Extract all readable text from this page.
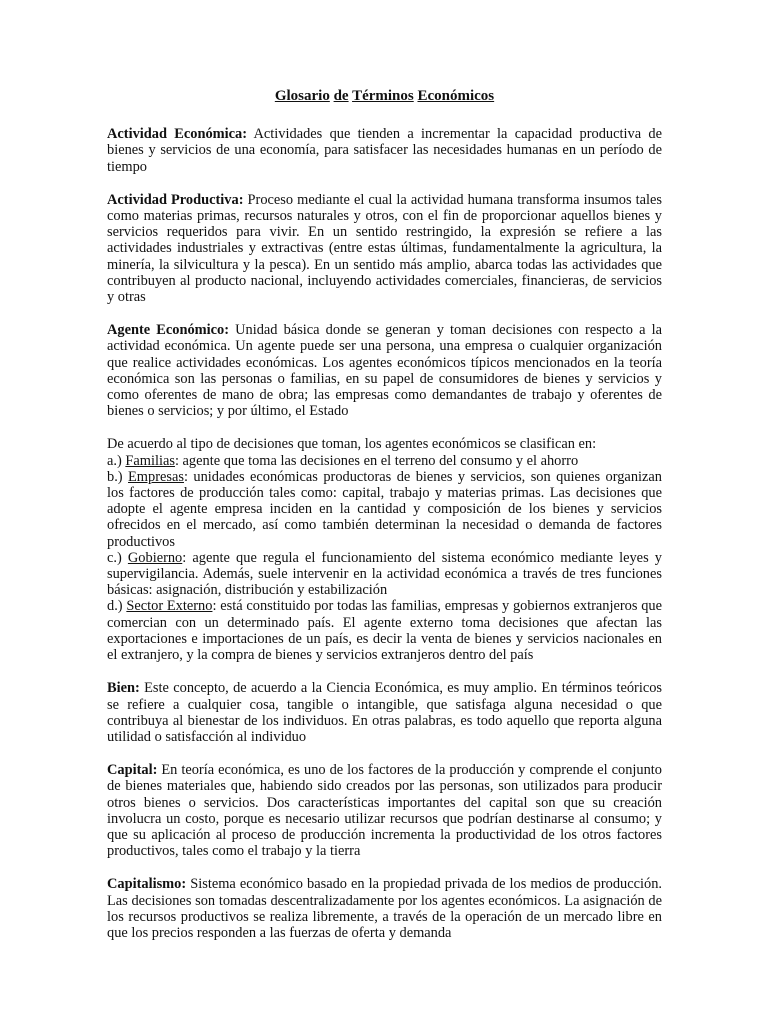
Glosario de Términos Económicos

Actividad Económica: Actividades que tienden a incrementar la capacidad productiva de bienes y servicios de una economía, para satisfacer las necesidades humanas en un período de tiempo

Actividad Productiva: Proceso mediante el cual la actividad humana transforma insumos tales como materias primas, recursos naturales y otros, con el fin de proporcionar aquellos bienes y servicios requeridos para vivir. En un sentido restringido, la expresión se refiere a las actividades industriales y extractivas (entre estas últimas, fundamentalmente la agricultura, la minería, la silvicultura y la pesca). En un sentido más amplio, abarca todas las actividades que contribuyen al producto nacional, incluyendo actividades comerciales, financieras, de servicios y otras

Agente Económico: Unidad básica donde se generan y toman decisiones con respecto a la actividad económica. Un agente puede ser una persona, una empresa o cualquier organización que realice actividades económicas. Los agentes económicos típicos mencionados en la teoría económica son las personas o familias, en su papel de consumidores de bienes y servicios y como oferentes de mano de obra; las empresas como demandantes de trabajo y oferentes de bienes o servicios; y por último, el Estado

De acuerdo al tipo de decisiones que toman, los agentes económicos se clasifican en:

a.) Familias: agente que toma las decisiones en el terreno del consumo y el ahorro

b.) Empresas: unidades económicas productoras de bienes y servicios, son quienes organizan los factores de producción tales como: capital, trabajo y materias primas. Las decisiones que adopte el agente empresa inciden en la cantidad y composición de los bienes y servicios ofrecidos en el mercado, así como también determinan la necesidad o demanda de factores productivos

c.) Gobierno: agente que regula el funcionamiento del sistema económico mediante leyes y supervigilancia. Además, suele intervenir en la actividad económica a través de tres funciones básicas: asignación, distribución y estabilización

d.) Sector Externo: está constituido por todas las familias, empresas y gobiernos extranjeros que comercian con un determinado país. El agente externo toma decisiones que afectan las exportaciones e importaciones de un país, es decir la venta de bienes y servicios nacionales en el extranjero, y la compra de bienes y servicios extranjeros dentro del país

Bien: Este concepto, de acuerdo a la Ciencia Económica, es muy amplio. En términos teóricos se refiere a cualquier cosa, tangible o intangible, que satisfaga alguna necesidad o que contribuya al bienestar de los individuos. En otras palabras, es todo aquello que reporta alguna utilidad o satisfacción al individuo

Capital: En teoría económica, es uno de los factores de la producción y comprende el conjunto de bienes materiales que, habiendo sido creados por las personas, son utilizados para producir otros bienes o servicios. Dos características importantes del capital son que su creación involucra un costo, porque es necesario utilizar recursos que podrían destinarse al consumo; y que su aplicación al proceso de producción incrementa la productividad de los otros factores productivos, tales como el trabajo y la tierra

Capitalismo: Sistema económico basado en la propiedad privada de los medios de producción. Las decisiones son tomadas descentralizadamente por los agentes económicos. La asignación de los recursos productivos se realiza libremente, a través de la operación de un mercado libre en que los precios responden a las fuerzas de oferta y demanda
